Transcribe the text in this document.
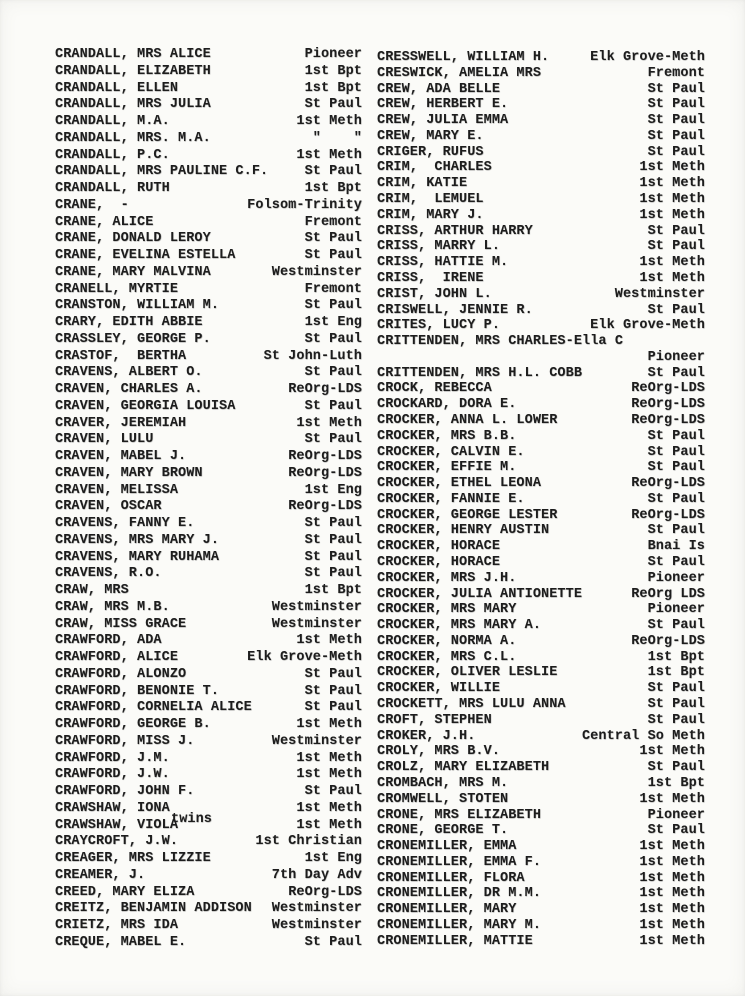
CRANDALL, MRS ALICE	Pioneer
CRANDALL, ELIZABETH	1st Bpt
CRANDALL, ELLEN	1st Bpt
CRANDALL, MRS JULIA	St Paul
CRANDALL, M.A.	1st Meth
CRANDALL, MRS. M.A.	"    "
CRANDALL, P.C.	1st Meth
CRANDALL, MRS PAULINE C.F.	St Paul
CRANDALL, RUTH	1st Bpt
CRANE,  -	Folsom-Trinity
CRANE, ALICE	Fremont
CRANE, DONALD LEROY	St Paul
CRANE, EVELINA ESTELLA	St Paul
CRANE, MARY MALVINA	Westminster
CRANELL, MYRTIE	Fremont
CRANSTON, WILLIAM M.	St Paul
CRARY, EDITH ABBIE	1st Eng
CRASSLEY, GEORGE P.	St Paul
CRASTOF,  BERTHA	St John-Luth
CRAVENS, ALBERT O.	St Paul
CRAVEN, CHARLES A.	ReOrg-LDS
CRAVEN, GEORGIA LOUISA	St Paul
CRAVER, JEREMIAH	1st Meth
CRAVEN, LULU	St Paul
CRAVEN, MABEL J.	ReOrg-LDS
CRAVEN, MARY BROWN	ReOrg-LDS
CRAVEN, MELISSA	1st Eng
CRAVEN, OSCAR	ReOrg-LDS
CRAVENS, FANNY E.	St Paul
CRAVENS, MRS MARY J.	St Paul
CRAVENS, MARY RUHAMA	St Paul
CRAVENS, R.O.	St Paul
CRAW, MRS	1st Bpt
CRAW, MRS M.B.	Westminster
CRAW, MISS GRACE	Westminster
CRAWFORD, ADA	1st Meth
CRAWFORD, ALICE	Elk Grove-Meth
CRAWFORD, ALONZO	St Paul
CRAWFORD, BENONIE T.	St Paul
CRAWFORD, CORNELIA ALICE	St Paul
CRAWFORD, GEORGE B.	1st Meth
CRAWFORD, MISS J.	Westminster
CRAWFORD, J.M.	1st Meth
CRAWFORD, J.W.	1st Meth
CRAWFORD, JOHN F.	St Paul
CRAWSHAW, IONA	1st Meth
CRAWSHAW, VIOLA	1st Meth
CRAYCROFT, J.W.	1st Christian
CREAGER, MRS LIZZIE	1st Eng
CREAMER, J.	7th Day Adv
CREED, MARY ELIZA	ReOrg-LDS
CREITZ, BENJAMIN ADDISON Westminster
CRIETZ, MRS IDA	Westminster
CREQUE, MABEL E.	St Paul
CRESSWELL, WILLIAM H.	Elk Grove-Meth
CRESWICK, AMELIA MRS	Fremont
CREW, ADA BELLE	St Paul
CREW, HERBERT E.	St Paul
CREW, JULIA EMMA	St Paul
CREW, MARY E.	St Paul
CRIGER, RUFUS	St Paul
CRIM,  CHARLES	1st Meth
CRIM, KATIE	1st Meth
CRIM,  LEMUEL	1st Meth
CRIM, MARY J.	1st Meth
CRISS, ARTHUR HARRY	St Paul
CRISS, MARRY L.	St Paul
CRISS, HATTIE M.	1st Meth
CRISS,  IRENE	1st Meth
CRIST, JOHN L.	Westminster
CRISWELL, JENNIE R.	St Paul
CRITES, LUCY P.	Elk Grove-Meth
CRITTENDEN, MRS CHARLES-Ella C
Pioneer
CRITTENDEN, MRS H.L. COBB	St Paul
CROCK, REBECCA	ReOrg-LDS
CROCKARD, DORA E.	ReOrg-LDS
CROCKER, ANNA L. LOWER	ReOrg-LDS
CROCKER, MRS B.B.	St Paul
CROCKER, CALVIN E.	St Paul
CROCKER, EFFIE M.	St Paul
CROCKER, ETHEL LEONA	ReOrg-LDS
CROCKER, FANNIE E.	St Paul
CROCKER, GEORGE LESTER	ReOrg-LDS
CROCKER, HENRY AUSTIN	St Paul
CROCKER, HORACE	Bnai Is
CROCKER, HORACE	St Paul
CROCKER, MRS J.H.	Pioneer
CROCKER, JULIA ANTIONETTE	ReOrg LDS
CROCKER, MRS MARY	Pioneer
CROCKER, MRS MARY A.	St Paul
CROCKER, NORMA A.	ReOrg-LDS
CROCKER, MRS C.L.	1st Bpt
CROCKER, OLIVER LESLIE	1st Bpt
CROCKER, WILLIE	St Paul
CROCKETT, MRS LULU ANNA	St Paul
CROFT, STEPHEN	St Paul
CROKER, J.H.	Central So Meth
CROLY, MRS B.V.	1st Meth
CROLZ, MARY ELIZABETH	St Paul
CROMBACH, MRS M.	1st Bpt
CROMWELL, STOTEN	1st Meth
CRONE, MRS ELIZABETH	Pioneer
CRONE, GEORGE T.	St Paul
CRONEMILLER, EMMA	1st Meth
CRONEMILLER, EMMA F.	1st Meth
CRONEMILLER, FLORA	1st Meth
CRONEMILLER, DR M.M.	1st Meth
CRONEMILLER, MARY	1st Meth
CRONEMILLER, MARY M.	1st Meth
CRONEMILLER, MATTIE	1st Meth
twins
